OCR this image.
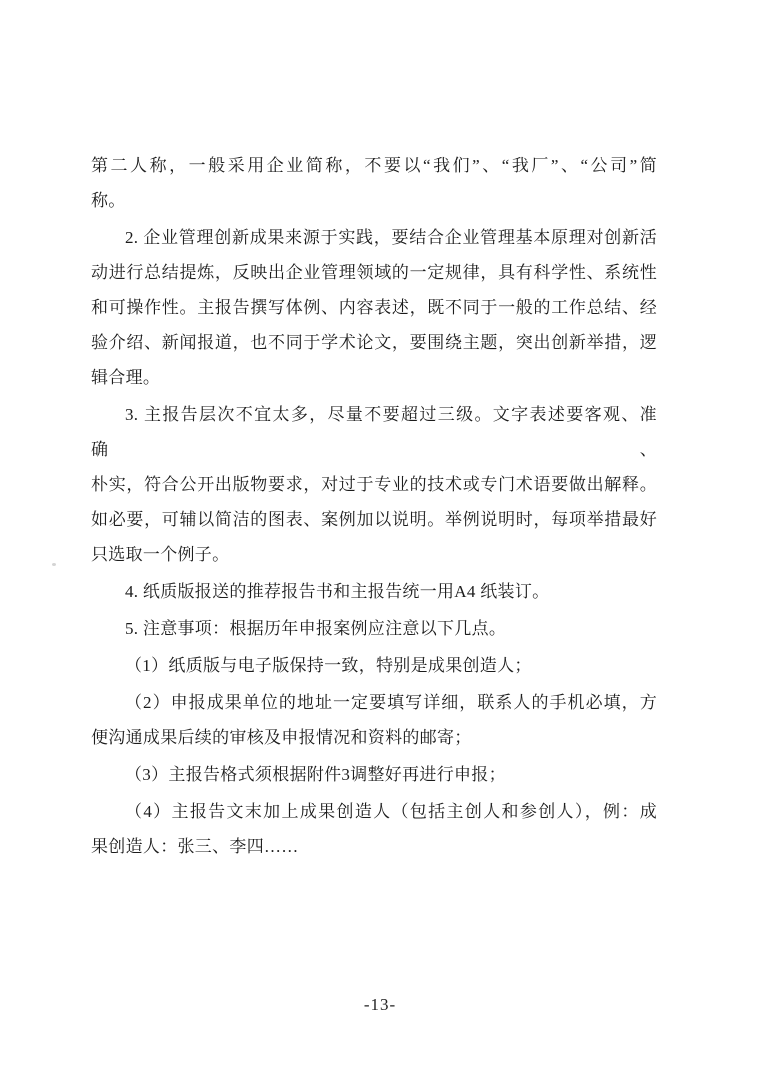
第二人称，一般采用企业简称，不要以“我们”、“我厂”、“公司”简
称。
2. 企业管理创新成果来源于实践，要结合企业管理基本原理对创新活
动进行总结提炼，反映出企业管理领域的一定规律，具有科学性、系统性
和可操作性。主报告撰写体例、内容表述，既不同于一般的工作总结、经
验介绍、新闻报道，也不同于学术论文，要围绕主题，突出创新举措，逻
辑合理。
3. 主报告层次不宜太多，尽量不要超过三级。文字表述要客观、准确、
朴实，符合公开出版物要求，对过于专业的技术或专门术语要做出解释。
如必要，可辅以简洁的图表、案例加以说明。举例说明时，每项举措最好
只选取一个例子。
4. 纸质版报送的推荐报告书和主报告统一用A4 纸装订。
5. 注意事项：根据历年申报案例应注意以下几点。
（1）纸质版与电子版保持一致，特别是成果创造人；
（2）申报成果单位的地址一定要填写详细，联系人的手机必填，方
便沟通成果后续的审核及申报情况和资料的邮寄；
（3）主报告格式须根据附件3调整好再进行申报；
（4）主报告文末加上成果创造人（包括主创人和参创人），例：成
果创造人：张三、李四……
-13-
